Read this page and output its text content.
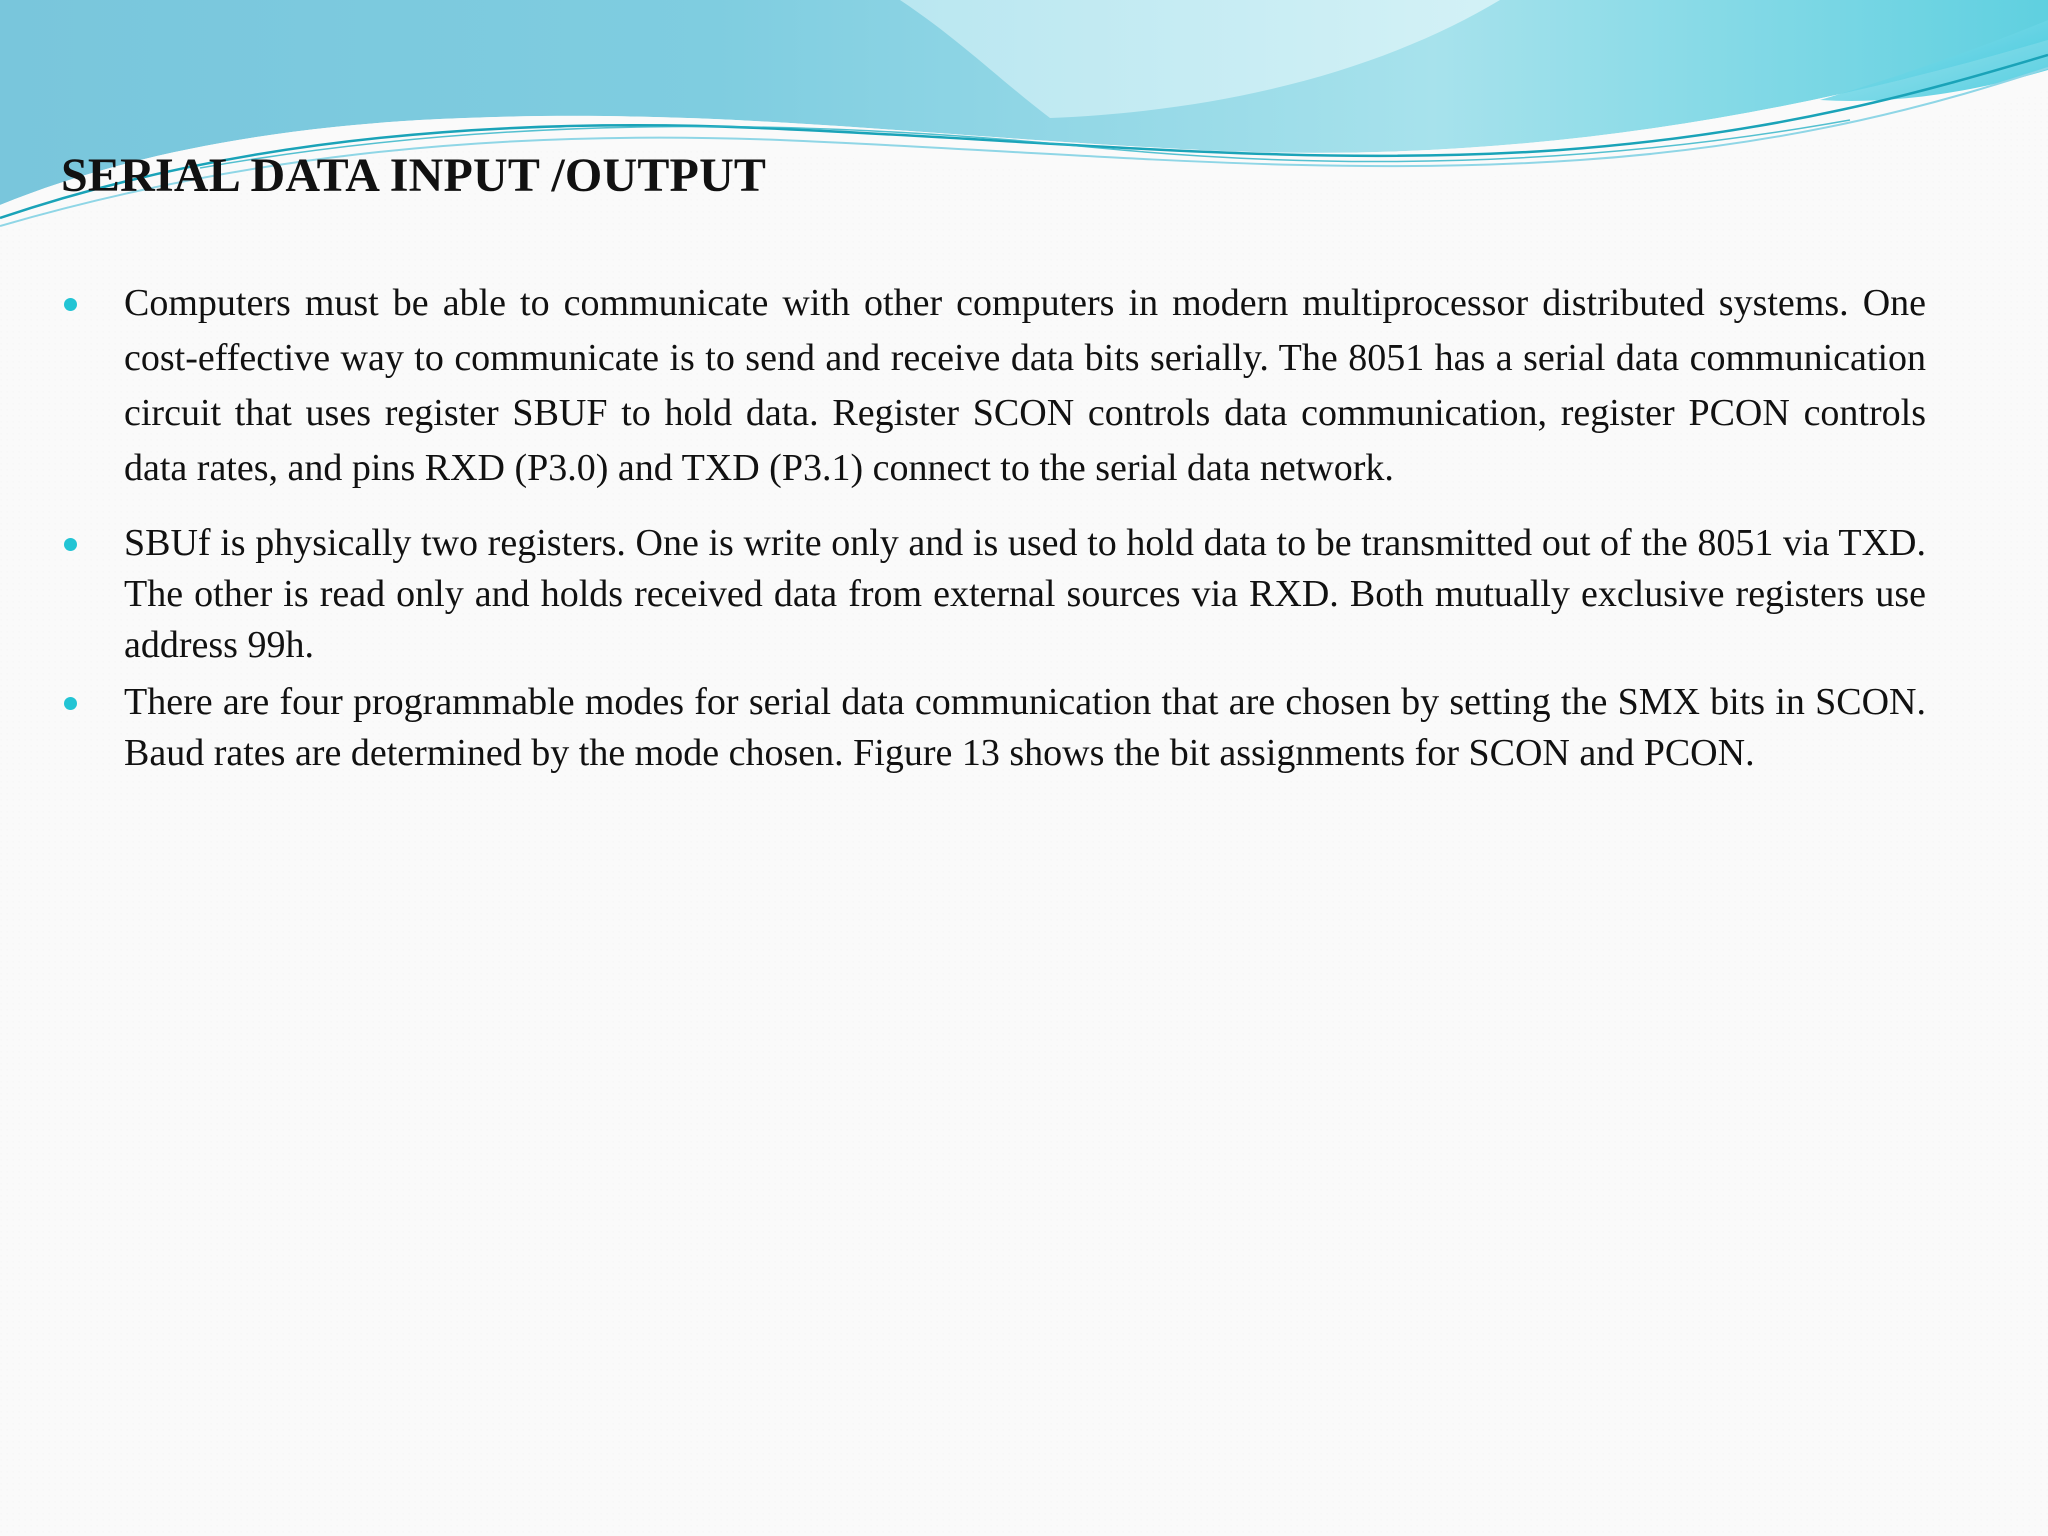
SERIAL DATA INPUT /OUTPUT
Computers must be able to communicate with other computers in modern multiprocessor distributed systems. One cost-effective way to communicate is to send and receive data bits serially. The 8051 has a serial data communication circuit that uses register SBUF to hold data. Register SCON controls data communication, register PCON controls data rates, and pins RXD (P3.0) and TXD (P3.1) connect to the serial data network.
SBUf is physically two registers. One is write only and is used to hold data to be transmitted out of the 8051 via TXD. The other is read only and holds received data from external sources via RXD. Both mutually exclusive registers use address 99h.
There are four programmable modes for serial data communication that are chosen by setting the SMX bits in SCON. Baud rates are determined by the mode chosen. Figure 13 shows the bit assignments for SCON and PCON.
